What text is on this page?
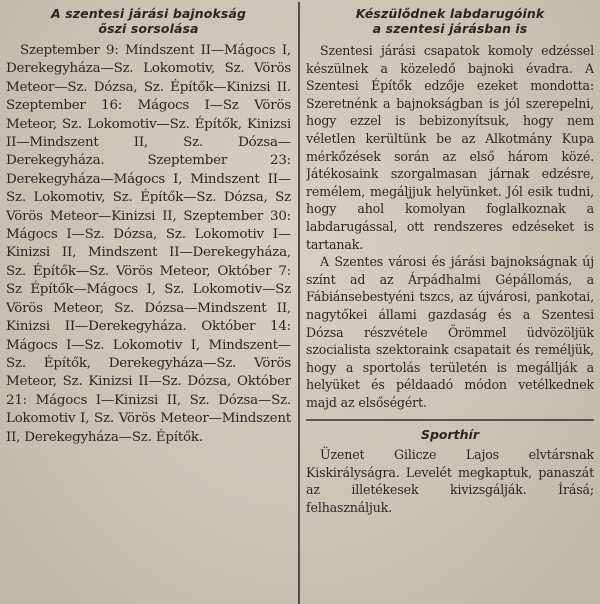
A szentesi járási bajnokság
őszi sorsolása

Szeptember 9: Mindszent II—Mágocs I, Derekegyháza—Sz. Lokomotiv, Sz. Vörös Meteor—Sz. Dózsa, Sz. Építők—Kinizsi II. Szeptember 16: Mágocs I—Sz Vörös Meteor, Sz. Lokomotiv—Sz. Építők, Kinizsi II—Mindszent II, Sz. Dózsa—Derekegyháza. Szeptember 23: Derekegyháza—Mágocs I, Mindszent II—Sz. Lokomotiv, Sz. Építők—Sz. Dózsa, Sz Vörös Meteor—Kinizsi II, Szeptember 30: Mágocs I—Sz. Dózsa, Sz. Lokomotiv I—Kinizsi II, Mindszent II—Derekegyháza, Sz. Építők—Sz. Vörös Meteor, Október 7: Sz Építők—Mágocs I, Sz. Lokomotiv—Sz Vörös Meteor, Sz. Dózsa—Mindszent II, Kinizsi II—Derekegyháza. Október 14: Mágocs I—Sz. Lokomotiv I, Mindszent—Sz. Építők, Derekegyháza—Sz. Vörös Meteor, Sz. Kinizsi II—Sz. Dózsa, Október 21: Mágocs I—Kinizsi II, Sz. Dózsa—Sz. Lokomotiv I, Sz. Vörös Meteor—Mindszent II, Derekegyháza—Sz. Építők.

Készülődnek labdarugóink
a szentesi járásban is

Szentesi járási csapatok komoly edzéssel készülnek a közeledő bajnoki évadra. A Szentesi Építők edzője ezeket mondotta: Szeretnénk a bajnokságban is jól szerepelni, hogy ezzel is bebizonyítsuk, hogy nem véletlen kerültünk be az Alkotmány Kupa mérkőzések során az első három közé. Játékosaink szorgalmasan járnak edzésre, remélem, megáljjuk helyünket. Jól esik tudni, hogy ahol komolyan foglalkoznak a labdarugással, ott rendszeres edzéseket is tartanak.

A Szentes városi és járási bajnokságnak új színt ad az Árpádhalmi Gépállomás, a Fábiánsebestyéni tszcs, az újvárosi, pankotai, nagytőkei állami gazdaság és a Szentesi Dózsa részvétele Örömmel üdvözöljük szocialista szektoraink csapatait és reméljük, hogy a sportolás területén is megállják a helyüket és példaadó módon vetélkednek majd az elsőségért.

Sporthír

Üzenet Gilicze Lajos elvtársnak Kiskirályságra. Levelét megkaptuk, panaszát az illetékesek kivizsgálják. Írásá; felhasználjuk.
